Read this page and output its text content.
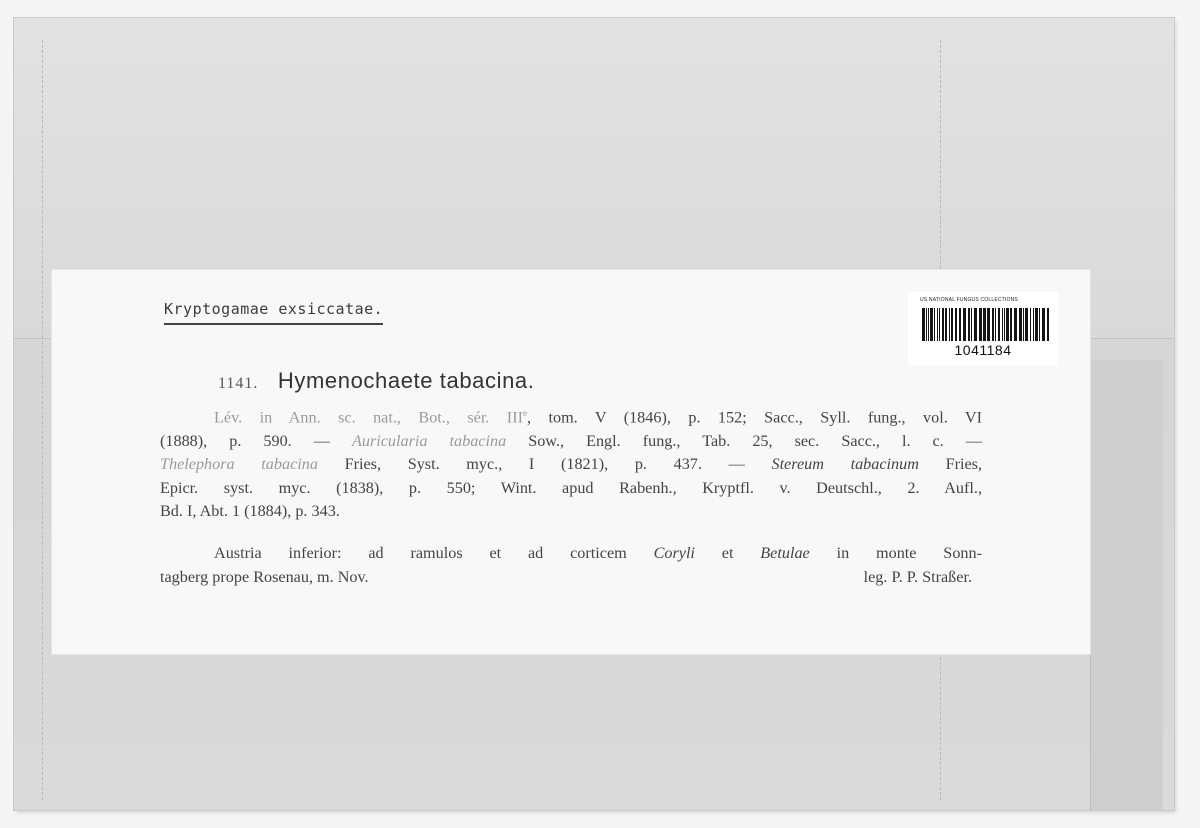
Kryptogamae exsiccatae.	US NATIONAL FUNGUS COLLECTIONS
1041184
1141. Hymenochaete tabacina.
Lév. in Ann. sc. nat., Bot., sér. IIIe, tom. V (1846), p. 152; Sacc., Syll. fung., vol. VI
(1888), p. 590. — Auricularia tabacina Sow., Engl. fung., Tab. 25, sec. Sacc., l. c. —
Thelephora tabacina Fries, Syst. myc., I (1821), p. 437. — Stereum tabacinum Fries,
Epicr. syst. myc. (1838), p. 550; Wint. apud Rabenh., Kryptfl. v. Deutschl., 2. Aufl.,
Bd. I, Abt. 1 (1884), p. 343.
Austria inferior: ad ramulos et ad corticem Coryli et Betulae in monte Sonn-
tagberg prope Rosenau, m. Nov.	leg. P. P. Straßer.
